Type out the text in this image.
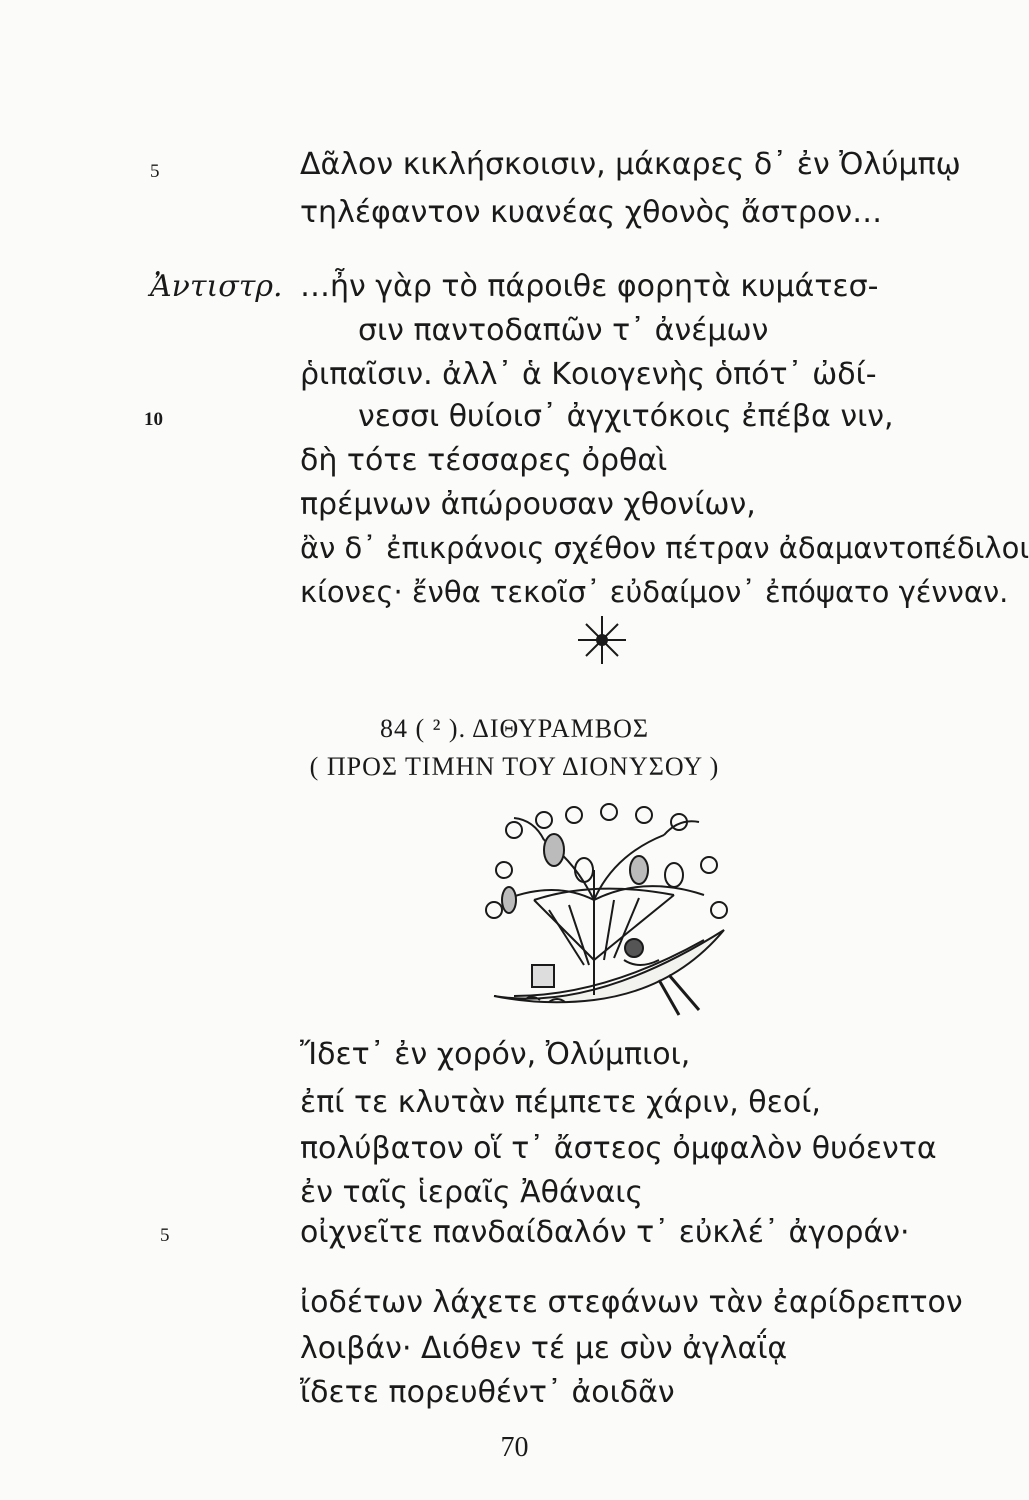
5	Δᾶλον κικλήσκοισιν, μάκαρες δ᾽ ἐν Ὀλύμπῳ
τηλέφαντον κυανέας χθονὸς ἄστρον…
Ἀντιστρ. …ἦν γὰρ τὸ πάροιθε φορητὰ κυμάτεσ-
σιν παντοδαπῶν τ᾽ ἀνέμων
ῥιπαῖσιν. ἀλλ᾽ ἁ Κοιογενὴς ὁπότ᾽ ὠδί-
10	νεσσι θυίοισ᾽ ἀγχιτόκοις ἐπέβα νιν,
δὴ τότε τέσσαρες ὀρθαὶ
πρέμνων ἀπώρουσαν χθονίων,
ἂν δ᾽ ἐπικράνοις σχέθον πέτραν ἀδαμαντοπέδιλοι
κίονες· ἔνθα τεκοῖσ᾽ εὐδαίμον᾽ ἐπόψατο γένναν.
84 ( ² ). ΔΙΘΥΡΑΜΒΟΣ
( ΠΡΟΣ ΤΙΜΗΝ ΤΟΥ ΔΙΟΝΥΣΟΥ )
Ἴδετ᾽ ἐν χορόν, Ὀλύμπιοι,
ἐπί τε κλυτὰν πέμπετε χάριν, θεοί,
πολύβατον οἵ τ᾽ ἄστεος ὀμφαλὸν θυόεντα
ἐν ταῖς ἱεραῖς Ἀθάναις
5	οἰχνεῖτε πανδαίδαλόν τ᾽ εὐκλέ᾽ ἀγοράν·
ἰοδέτων λάχετε στεφάνων τὰν ἐαρίδρεπτον
λοιβάν· Διόθεν τέ με σὺν ἀγλαΐᾳ
ἴδετε πορευθέντ᾽ ἀοιδᾶν
70
